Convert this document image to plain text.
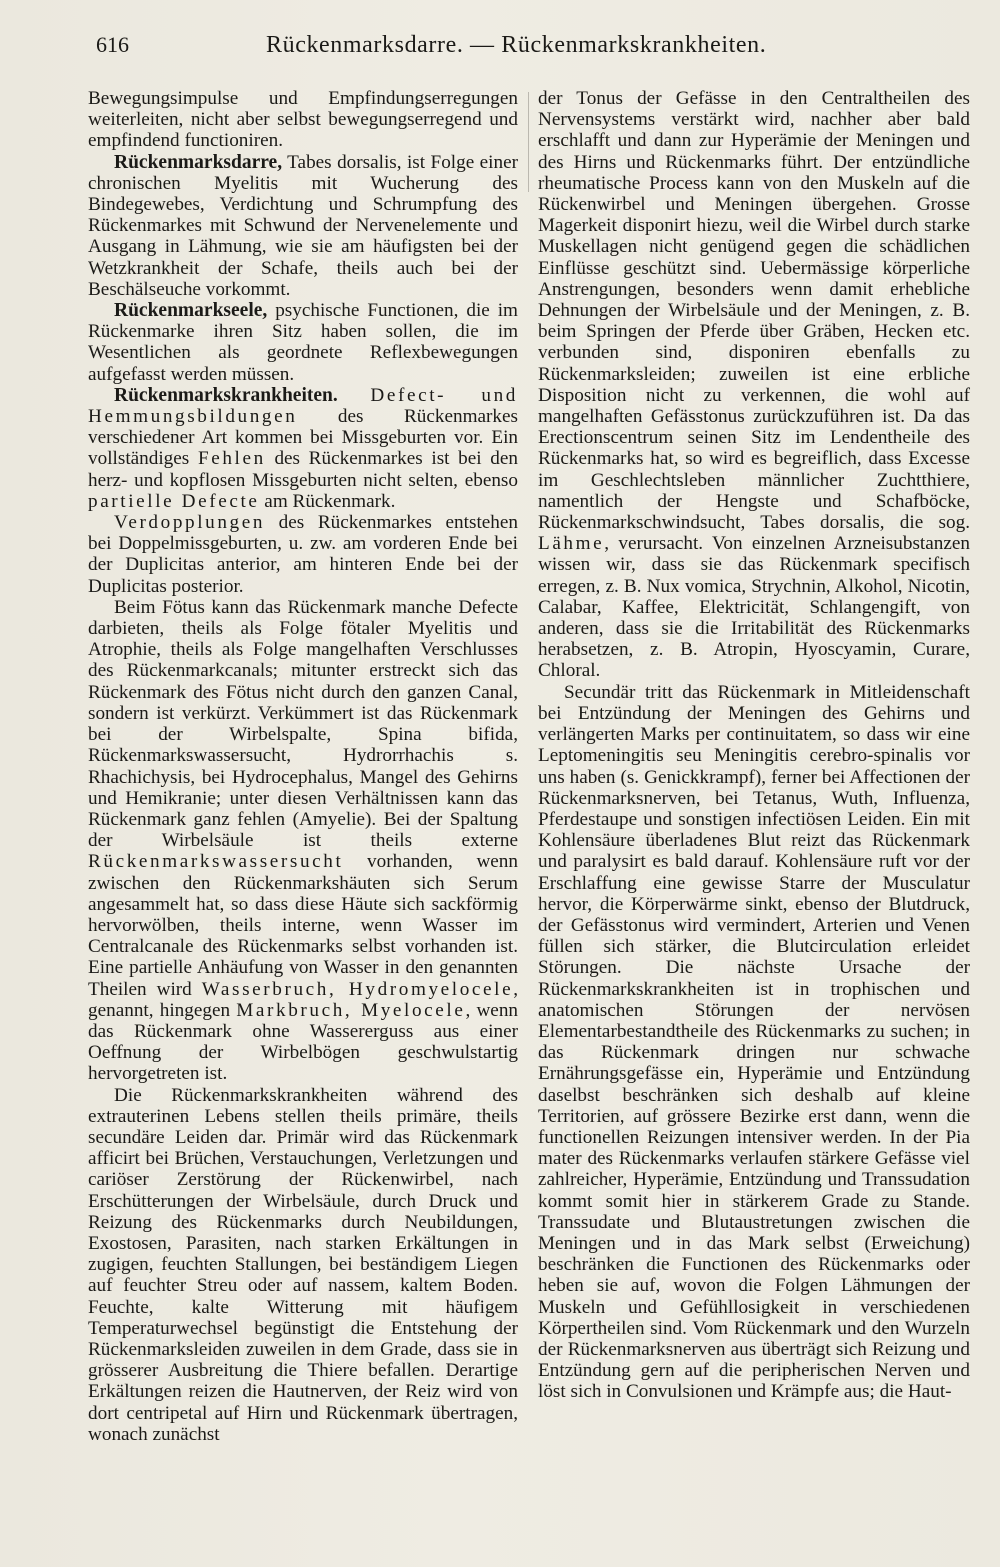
616	Rückenmarksdarre. — Rückenmarkskrankheiten.

Bewegungsimpulse und Empfindungserregungen weiterleiten, nicht aber selbst bewegungserregend und empfindend functioniren.

Rückenmarksdarre, Tabes dorsalis, ist Folge einer chronischen Myelitis mit Wucherung des Bindegewebes, Verdichtung und Schrumpfung des Rückenmarkes mit Schwund der Nervenelemente und Ausgang in Lähmung, wie sie am häufigsten bei der Wetzkrankheit der Schafe, theils auch bei der Beschälseuche vorkommt.

Rückenmarkseele, psychische Functionen, die im Rückenmarke ihren Sitz haben sollen, die im Wesentlichen als geordnete Reflexbewegungen aufgefasst werden müssen.

Rückenmarkskrankheiten. Defect- und Hemmungsbildungen des Rückenmarkes verschiedener Art kommen bei Missgeburten vor. Ein vollständiges Fehlen des Rückenmarkes ist bei den herz- und kopflosen Missgeburten nicht selten, ebenso partielle Defecte am Rückenmark.

Verdopplungen des Rückenmarkes entstehen bei Doppelmissgeburten, u. zw. am vorderen Ende bei der Duplicitas anterior, am hinteren Ende bei der Duplicitas posterior.

Beim Fötus kann das Rückenmark manche Defecte darbieten, theils als Folge fötaler Myelitis und Atrophie, theils als Folge mangelhaften Verschlusses des Rückenmarkcanals; mitunter erstreckt sich das Rückenmark des Fötus nicht durch den ganzen Canal, sondern ist verkürzt. Verkümmert ist das Rückenmark bei der Wirbelspalte, Spina bifida, Rückenmarkswassersucht, Hydrorrhachis s. Rhachichysis, bei Hydrocephalus, Mangel des Gehirns und Hemikranie; unter diesen Verhältnissen kann das Rückenmark ganz fehlen (Amyelie). Bei der Spaltung der Wirbelsäule ist theils externe Rückenmarkswassersucht vorhanden, wenn zwischen den Rückenmarkshäuten sich Serum angesammelt hat, so dass diese Häute sich sackförmig hervorwölben, theils interne, wenn Wasser im Centralcanale des Rückenmarks selbst vorhanden ist. Eine partielle Anhäufung von Wasser in den genannten Theilen wird Wasserbruch, Hydromyelocele, genannt, hingegen Markbruch, Myelocele, wenn das Rückenmark ohne Wassererguss aus einer Oeffnung der Wirbelbögen geschwulstartig hervorgetreten ist.

Die Rückenmarkskrankheiten während des extrauterinen Lebens stellen theils primäre, theils secundäre Leiden dar. Primär wird das Rückenmark afficirt bei Brüchen, Verstauchungen, Verletzungen und cariöser Zerstörung der Rückenwirbel, nach Erschütterungen der Wirbelsäule, durch Druck und Reizung des Rückenmarks durch Neubildungen, Exostosen, Parasiten, nach starken Erkältungen in zugigen, feuchten Stallungen, bei beständigem Liegen auf feuchter Streu oder auf nassem, kaltem Boden. Feuchte, kalte Witterung mit häufigem Temperaturwechsel begünstigt die Entstehung der Rückenmarksleiden zuweilen in dem Grade, dass sie in grösserer Ausbreitung die Thiere befallen. Derartige Erkältungen reizen die Hautnerven, der Reiz wird von dort centripetal auf Hirn und Rückenmark übertragen, wonach zunächst

der Tonus der Gefässe in den Centraltheilen des Nervensystems verstärkt wird, nachher aber bald erschlafft und dann zur Hyperämie der Meningen und des Hirns und Rückenmarks führt. Der entzündliche rheumatische Process kann von den Muskeln auf die Rückenwirbel und Meningen übergehen. Grosse Magerkeit disponirt hiezu, weil die Wirbel durch starke Muskellagen nicht genügend gegen die schädlichen Einflüsse geschützt sind. Uebermässige körperliche Anstrengungen, besonders wenn damit erhebliche Dehnungen der Wirbelsäule und der Meningen, z. B. beim Springen der Pferde über Gräben, Hecken etc. verbunden sind, disponiren ebenfalls zu Rückenmarksleiden; zuweilen ist eine erbliche Disposition nicht zu verkennen, die wohl auf mangelhaften Gefässtonus zurückzuführen ist. Da das Erectionscentrum seinen Sitz im Lendentheile des Rückenmarks hat, so wird es begreiflich, dass Excesse im Geschlechtsleben männlicher Zuchtthiere, namentlich der Hengste und Schafböcke, Rückenmarkschwindsucht, Tabes dorsalis, die sog. Lähme, verursacht. Von einzelnen Arzneisubstanzen wissen wir, dass sie das Rückenmark specifisch erregen, z. B. Nux vomica, Strychnin, Alkohol, Nicotin, Calabar, Kaffee, Elektricität, Schlangengift, von anderen, dass sie die Irritabilität des Rückenmarks herabsetzen, z. B. Atropin, Hyoscyamin, Curare, Chloral.

Secundär tritt das Rückenmark in Mitleidenschaft bei Entzündung der Meningen des Gehirns und verlängerten Marks per continuitatem, so dass wir eine Leptomeningitis seu Meningitis cerebro-spinalis vor uns haben (s. Genickkrampf), ferner bei Affectionen der Rückenmarksnerven, bei Tetanus, Wuth, Influenza, Pferdestaupe und sonstigen infectiösen Leiden. Ein mit Kohlensäure überladenes Blut reizt das Rückenmark und paralysirt es bald darauf. Kohlensäure ruft vor der Erschlaffung eine gewisse Starre der Musculatur hervor, die Körperwärme sinkt, ebenso der Blutdruck, der Gefässtonus wird vermindert, Arterien und Venen füllen sich stärker, die Blutcirculation erleidet Störungen. Die nächste Ursache der Rückenmarkskrankheiten ist in trophischen und anatomischen Störungen der nervösen Elementarbestandtheile des Rückenmarks zu suchen; in das Rückenmark dringen nur schwache Ernährungsgefässe ein, Hyperämie und Entzündung daselbst beschränken sich deshalb auf kleine Territorien, auf grössere Bezirke erst dann, wenn die functionellen Reizungen intensiver werden. In der Pia mater des Rückenmarks verlaufen stärkere Gefässe viel zahlreicher, Hyperämie, Entzündung und Transsudation kommt somit hier in stärkerem Grade zu Stande. Transsudate und Blutaustretungen zwischen die Meningen und in das Mark selbst (Erweichung) beschränken die Functionen des Rückenmarks oder heben sie auf, wovon die Folgen Lähmungen der Muskeln und Gefühllosigkeit in verschiedenen Körpertheilen sind. Vom Rückenmark und den Wurzeln der Rückenmarksnerven aus überträgt sich Reizung und Entzündung gern auf die peripherischen Nerven und löst sich in Convulsionen und Krämpfe aus; die Haut-
